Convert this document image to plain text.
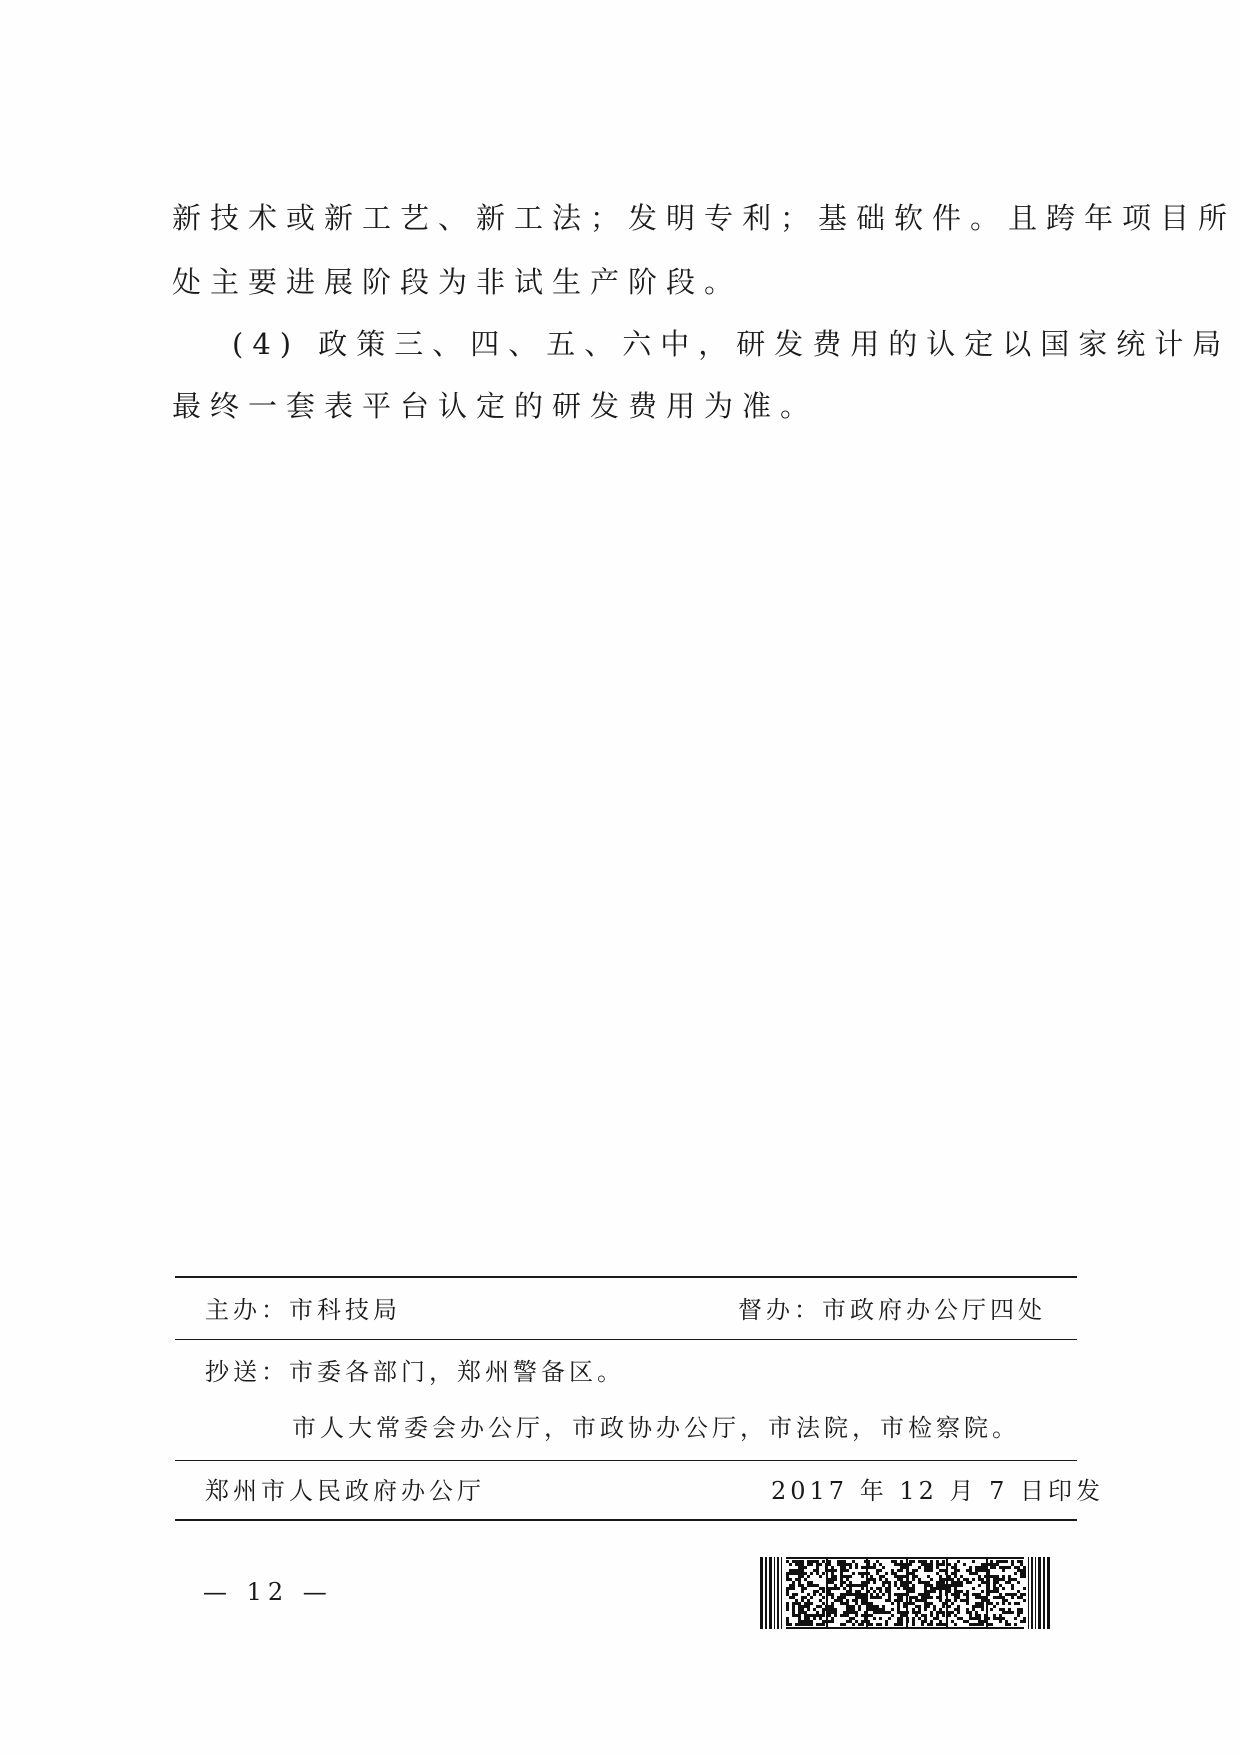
新技术或新工艺、新工法；发明专利；基础软件。且跨年项目所
处主要进展阶段为非试生产阶段。
(4) 政策三、四、五、六中，研发费用的认定以国家统计局
最终一套表平台认定的研发费用为准。
主办：市科技局	督办：市政府办公厅四处
抄送：市委各部门，郑州警备区。
市人大常委会办公厅，市政协办公厅，市法院，市检察院。
郑州市人民政府办公厅	2017 年 12 月 7 日印发
— 12 —
